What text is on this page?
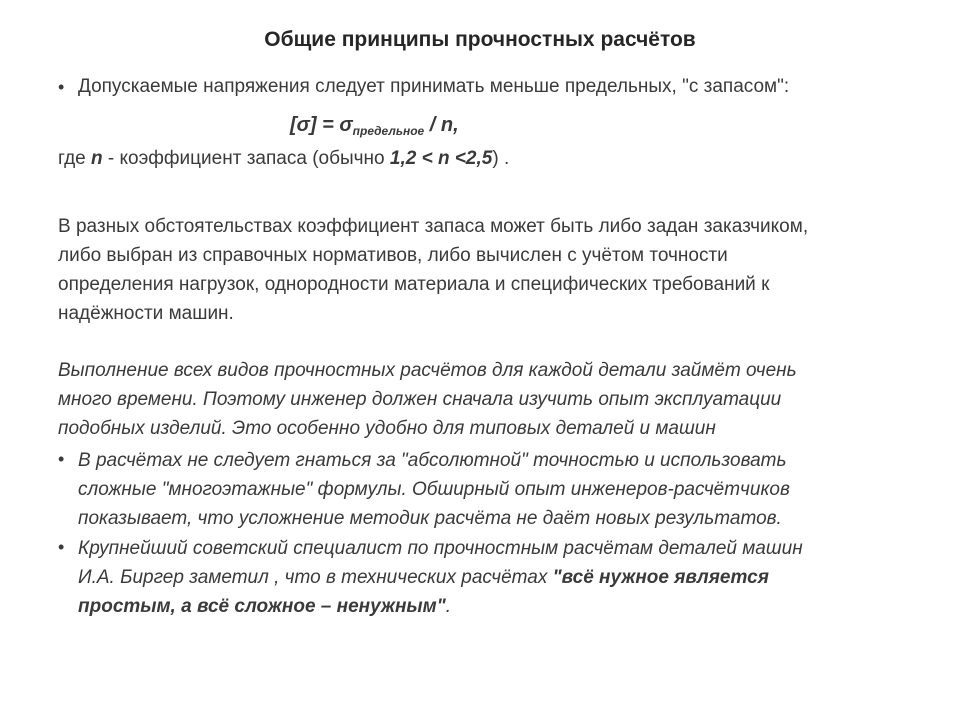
Общие принципы прочностных расчётов
• Допускаемые напряжения следует принимать меньше предельных, "с запасом":
$[\sigma] = \sigma_{предельное} / n$,
где n - коэффициент запаса (обычно 1,2 < n <2,5) .
В разных обстоятельствах коэффициент запаса может быть либо задан заказчиком,
либо выбран из справочных нормативов, либо вычислен с учётом точности
определения нагрузок, однородности материала и специфических требований к
надёжности машин.
Выполнение всех видов прочностных расчётов для каждой детали займёт очень
много времени. Поэтому инженер должен сначала изучить опыт эксплуатации
подобных изделий. Это особенно удобно для типовых деталей и машин
• В расчётах не следует гнаться за "абсолютной" точностью и использовать
сложные "многоэтажные" формулы. Обширный опыт инженеров-расчётчиков
показывает, что усложнение методик расчёта не даёт новых результатов.
• Крупнейший советский специалист по прочностным расчётам деталей машин
И.А. Биргер заметил , что в технических расчётах "всё нужное является
простым, а всё сложное – ненужным".
